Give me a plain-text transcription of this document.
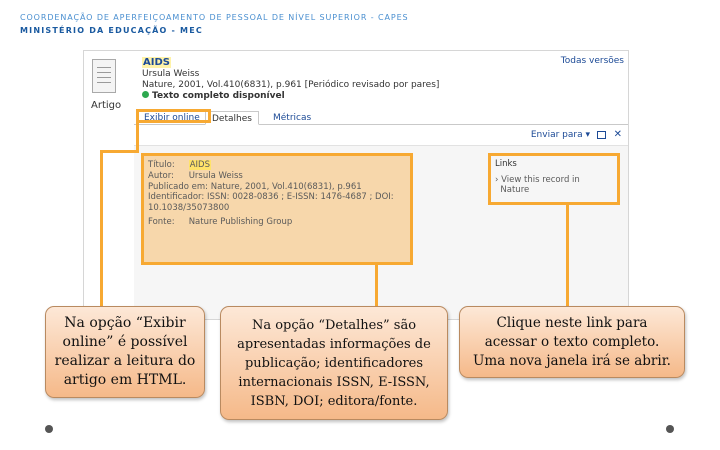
COORDENAÇÃO DE APERFEIÇOAMENTO DE PESSOAL DE NÍVEL SUPERIOR - CAPES
MINISTÉRIO DA EDUCAÇÃO - MEC
Artigo
AIDS	Todas versões
Ursula Weiss
Nature, 2001, Vol.410(6831), p.961 [Periódico revisado por pares]
Texto completo disponível
Exibir online	Detalhes	Métricas
Enviar para ▾ ✕
Título: AIDS
Autor: Ursula Weiss
Publicado em: Nature, 2001, Vol.410(6831), p.961
Identificador: ISSN: 0028-0836 ; E-ISSN: 1476-4687 ; DOI:
10.1038/35073800
Fonte: Nature Publishing Group
Links
› View this record in
Nature
Na opção “Exibir
online” é possível
realizar a leitura do
artigo em HTML.
Na opção “Detalhes” são
apresentadas informações de
publicação; identificadores
internacionais ISSN, E-ISSN,
ISBN, DOI; editora/fonte.
Clique neste link para
acessar o texto completo.
Uma nova janela irá se abrir.
